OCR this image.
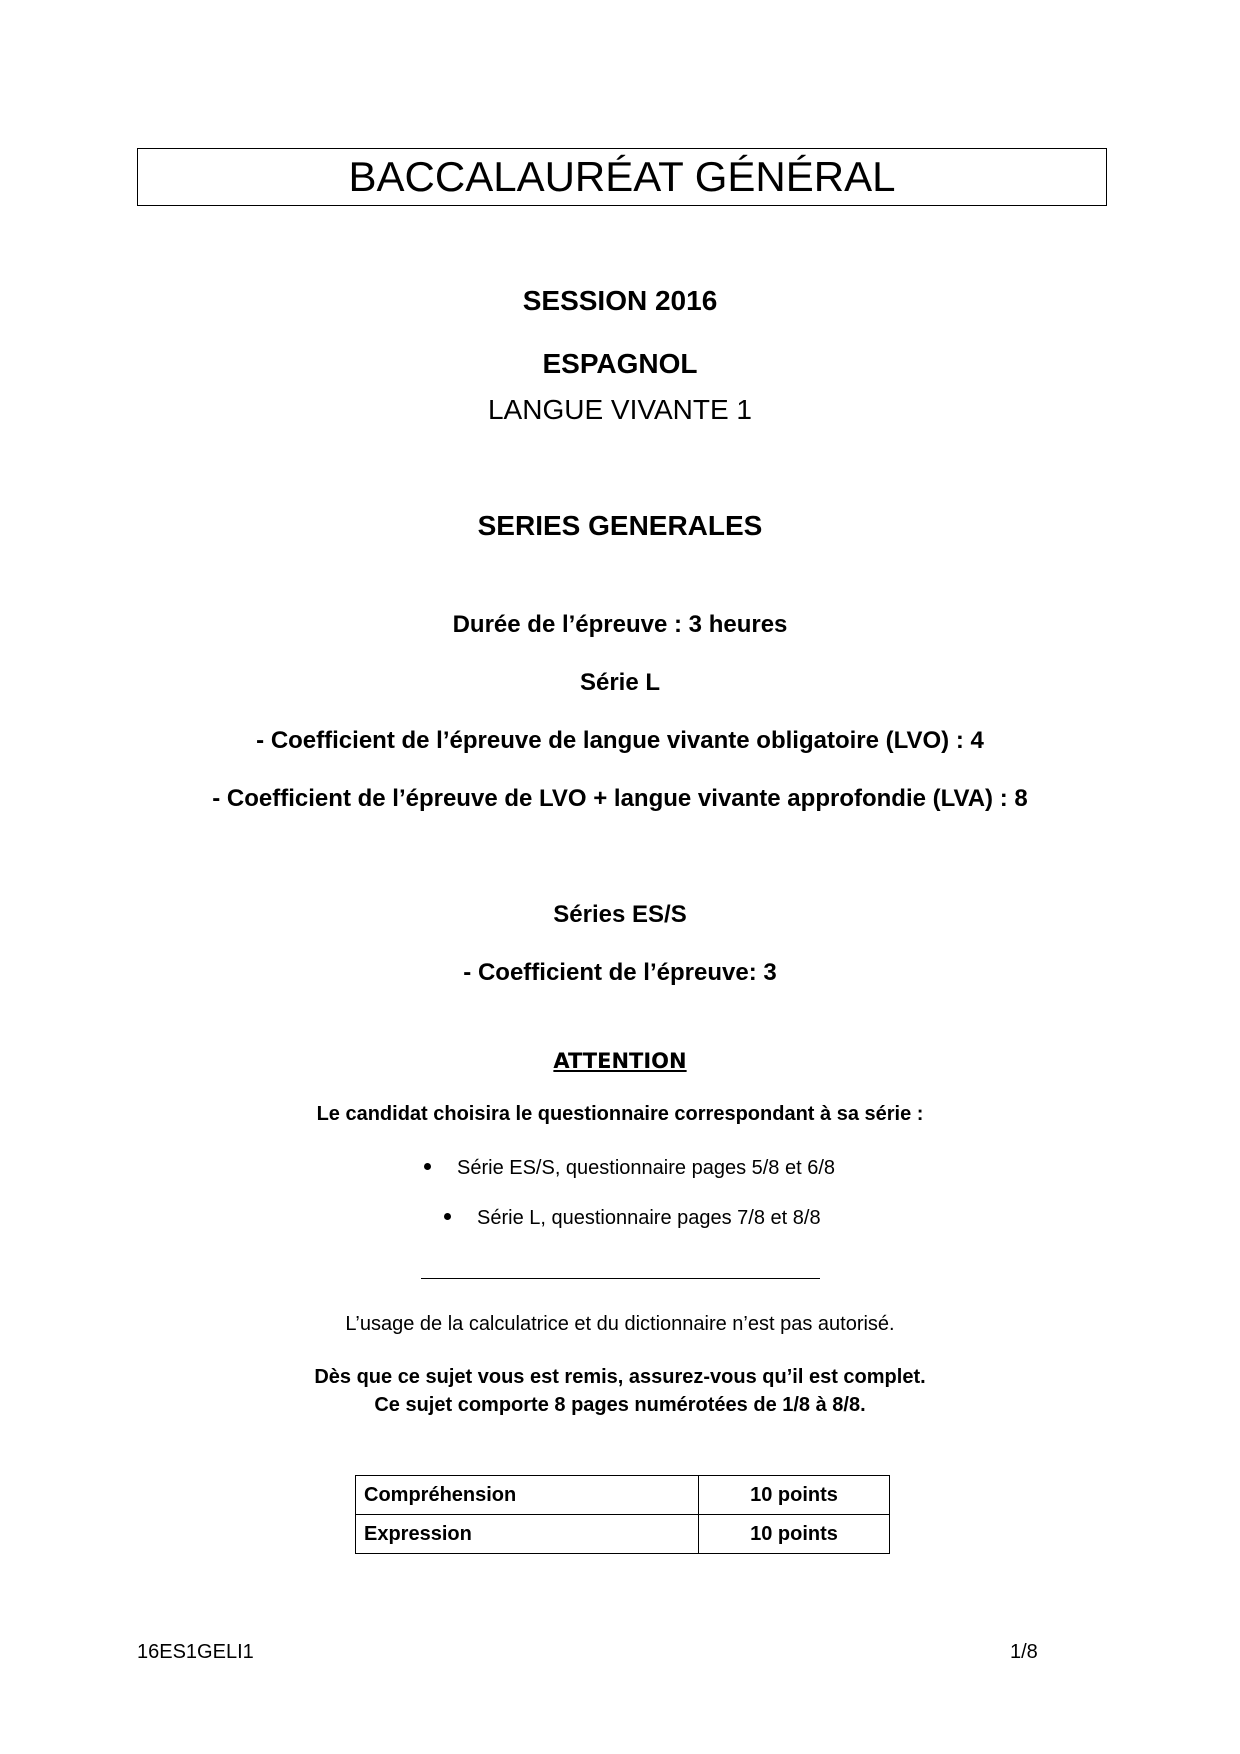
BACCALAURÉAT GÉNÉRAL
SESSION 2016
ESPAGNOL
LANGUE VIVANTE 1
SERIES GENERALES
Durée de l’épreuve : 3 heures
Série L
- Coefficient de l’épreuve de langue vivante obligatoire (LVO) : 4
- Coefficient de l’épreuve de LVO + langue vivante approfondie (LVA) : 8
Séries ES/S
- Coefficient de l’épreuve: 3
ATTENTION
Le candidat choisira le questionnaire correspondant à sa série :
Série ES/S, questionnaire pages 5/8 et 6/8
Série L, questionnaire pages 7/8 et 8/8
L’usage de la calculatrice et du dictionnaire n’est pas autorisé.
Dès que ce sujet vous est remis, assurez-vous qu’il est complet.
Ce sujet comporte 8 pages numérotées de 1/8 à 8/8.
Compréhension	10 points
Expression	10 points
16ES1GELI1	1/8
